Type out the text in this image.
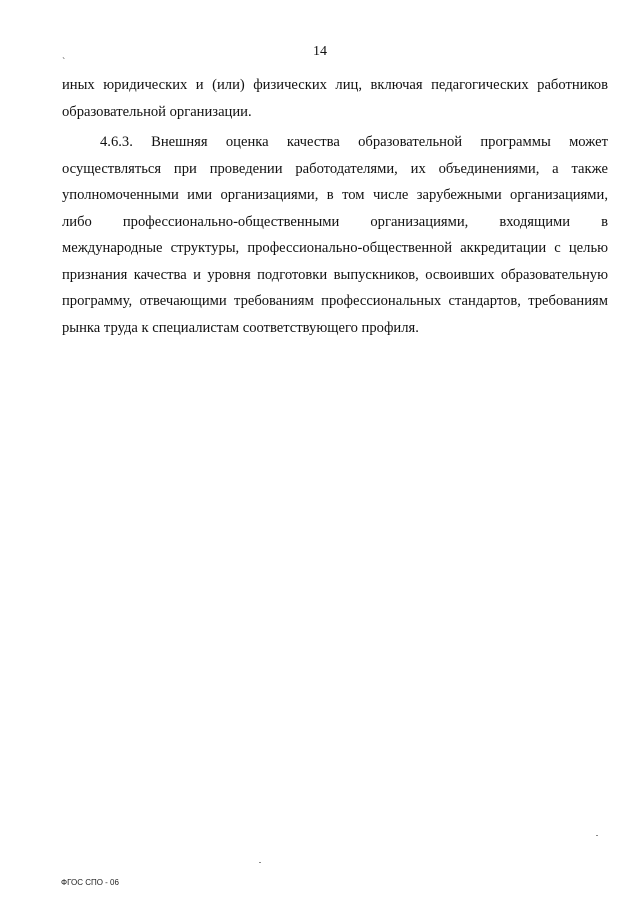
14
`
иных юридических и (или) физических лиц, включая педагогических работников
образовательной организации.
4.6.3. Внешняя оценка качества образовательной программы может
осуществляться при проведении работодателями, их объединениями, а также
уполномоченными ими организациями, в том числе зарубежными организациями,
либо профессионально-общественными организациями, входящими в
международные структуры, профессионально-общественной аккредитации с целью
признания качества и уровня подготовки выпускников, освоивших образовательную
программу, отвечающими требованиям профессиональных стандартов, требованиям
рынка труда к специалистам соответствующего профиля.
ФГОС СПО - 06
